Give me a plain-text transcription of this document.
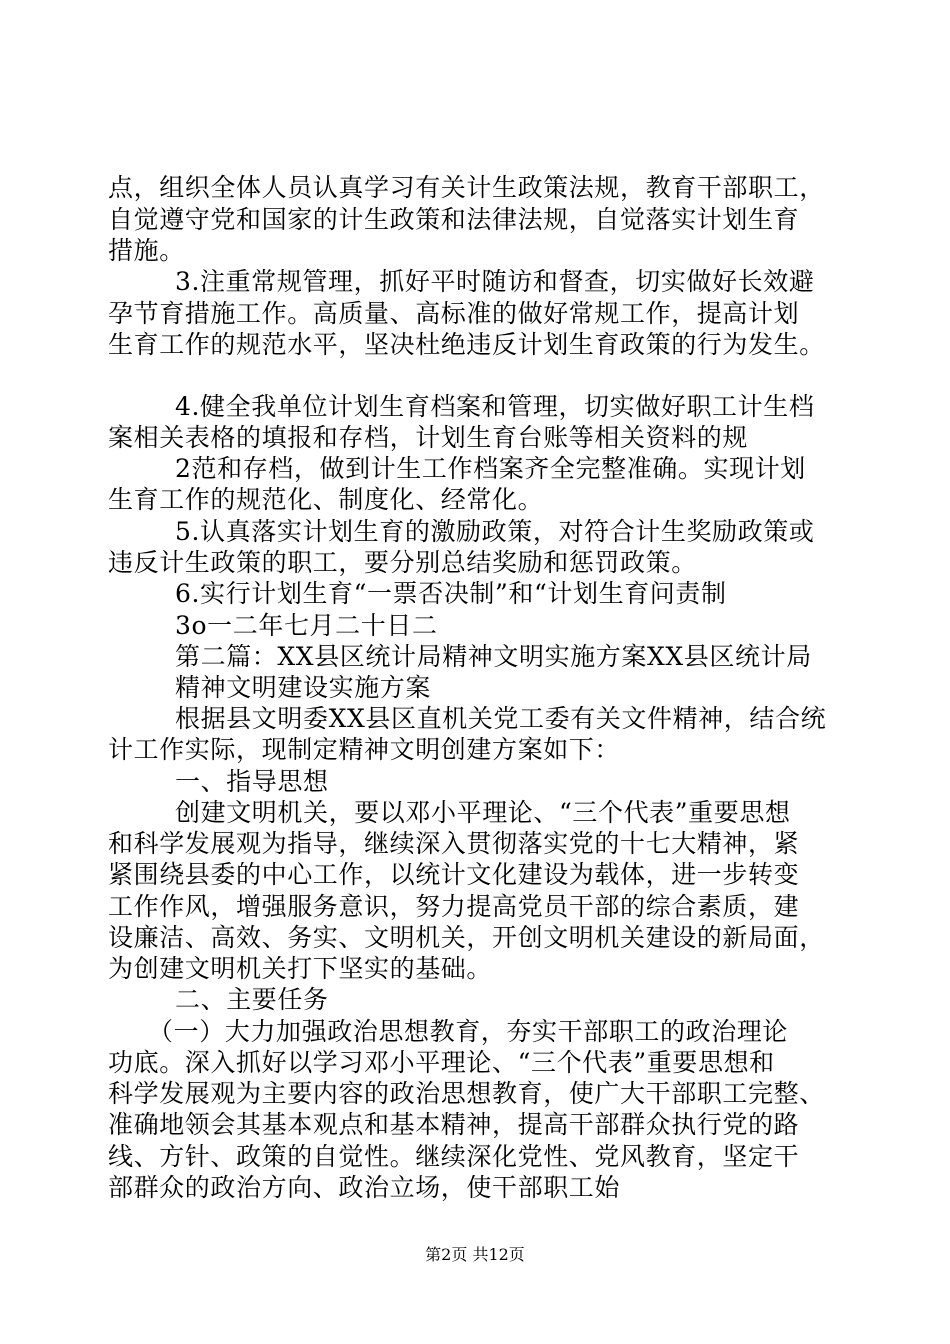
点，组织全体人员认真学习有关计生政策法规，教育干部职工，
自觉遵守党和国家的计生政策和法律法规，自觉落实计划生育
措施。
3.注重常规管理，抓好平时随访和督查，切实做好长效避
孕节育措施工作。高质量、高标准的做好常规工作，提高计划
生育工作的规范水平，坚决杜绝违反计划生育政策的行为发生。
4.健全我单位计划生育档案和管理，切实做好职工计生档
案相关表格的填报和存档，计划生育台账等相关资料的规
2范和存档，做到计生工作档案齐全完整准确。实现计划
生育工作的规范化、制度化、经常化。
5.认真落实计划生育的激励政策，对符合计生奖励政策或
违反计生政策的职工，要分别总结奖励和惩罚政策。
6.实行计划生育“一票否决制”和“计划生育问责制
3o一二年七月二十日二
第二篇：XX县区统计局精神文明实施方案XX县区统计局
精神文明建设实施方案
根据县文明委XX县区直机关党工委有关文件精神，结合统
计工作实际，现制定精神文明创建方案如下：
一、指导思想
创建文明机关，要以邓小平理论、“三个代表”重要思想
和科学发展观为指导，继续深入贯彻落实党的十七大精神，紧
紧围绕县委的中心工作，以统计文化建设为载体，进一步转变
工作作风，增强服务意识，努力提高党员干部的综合素质，建
设廉洁、高效、务实、文明机关，开创文明机关建设的新局面，
为创建文明机关打下坚实的基础。
二、主要任务
（一）大力加强政治思想教育，夯实干部职工的政治理论
功底。深入抓好以学习邓小平理论、“三个代表”重要思想和
科学发展观为主要内容的政治思想教育，使广大干部职工完整、
准确地领会其基本观点和基本精神，提高干部群众执行党的路
线、方针、政策的自觉性。继续深化党性、党风教育，坚定干
部群众的政治方向、政治立场，使干部职工始
第2页 共12页
